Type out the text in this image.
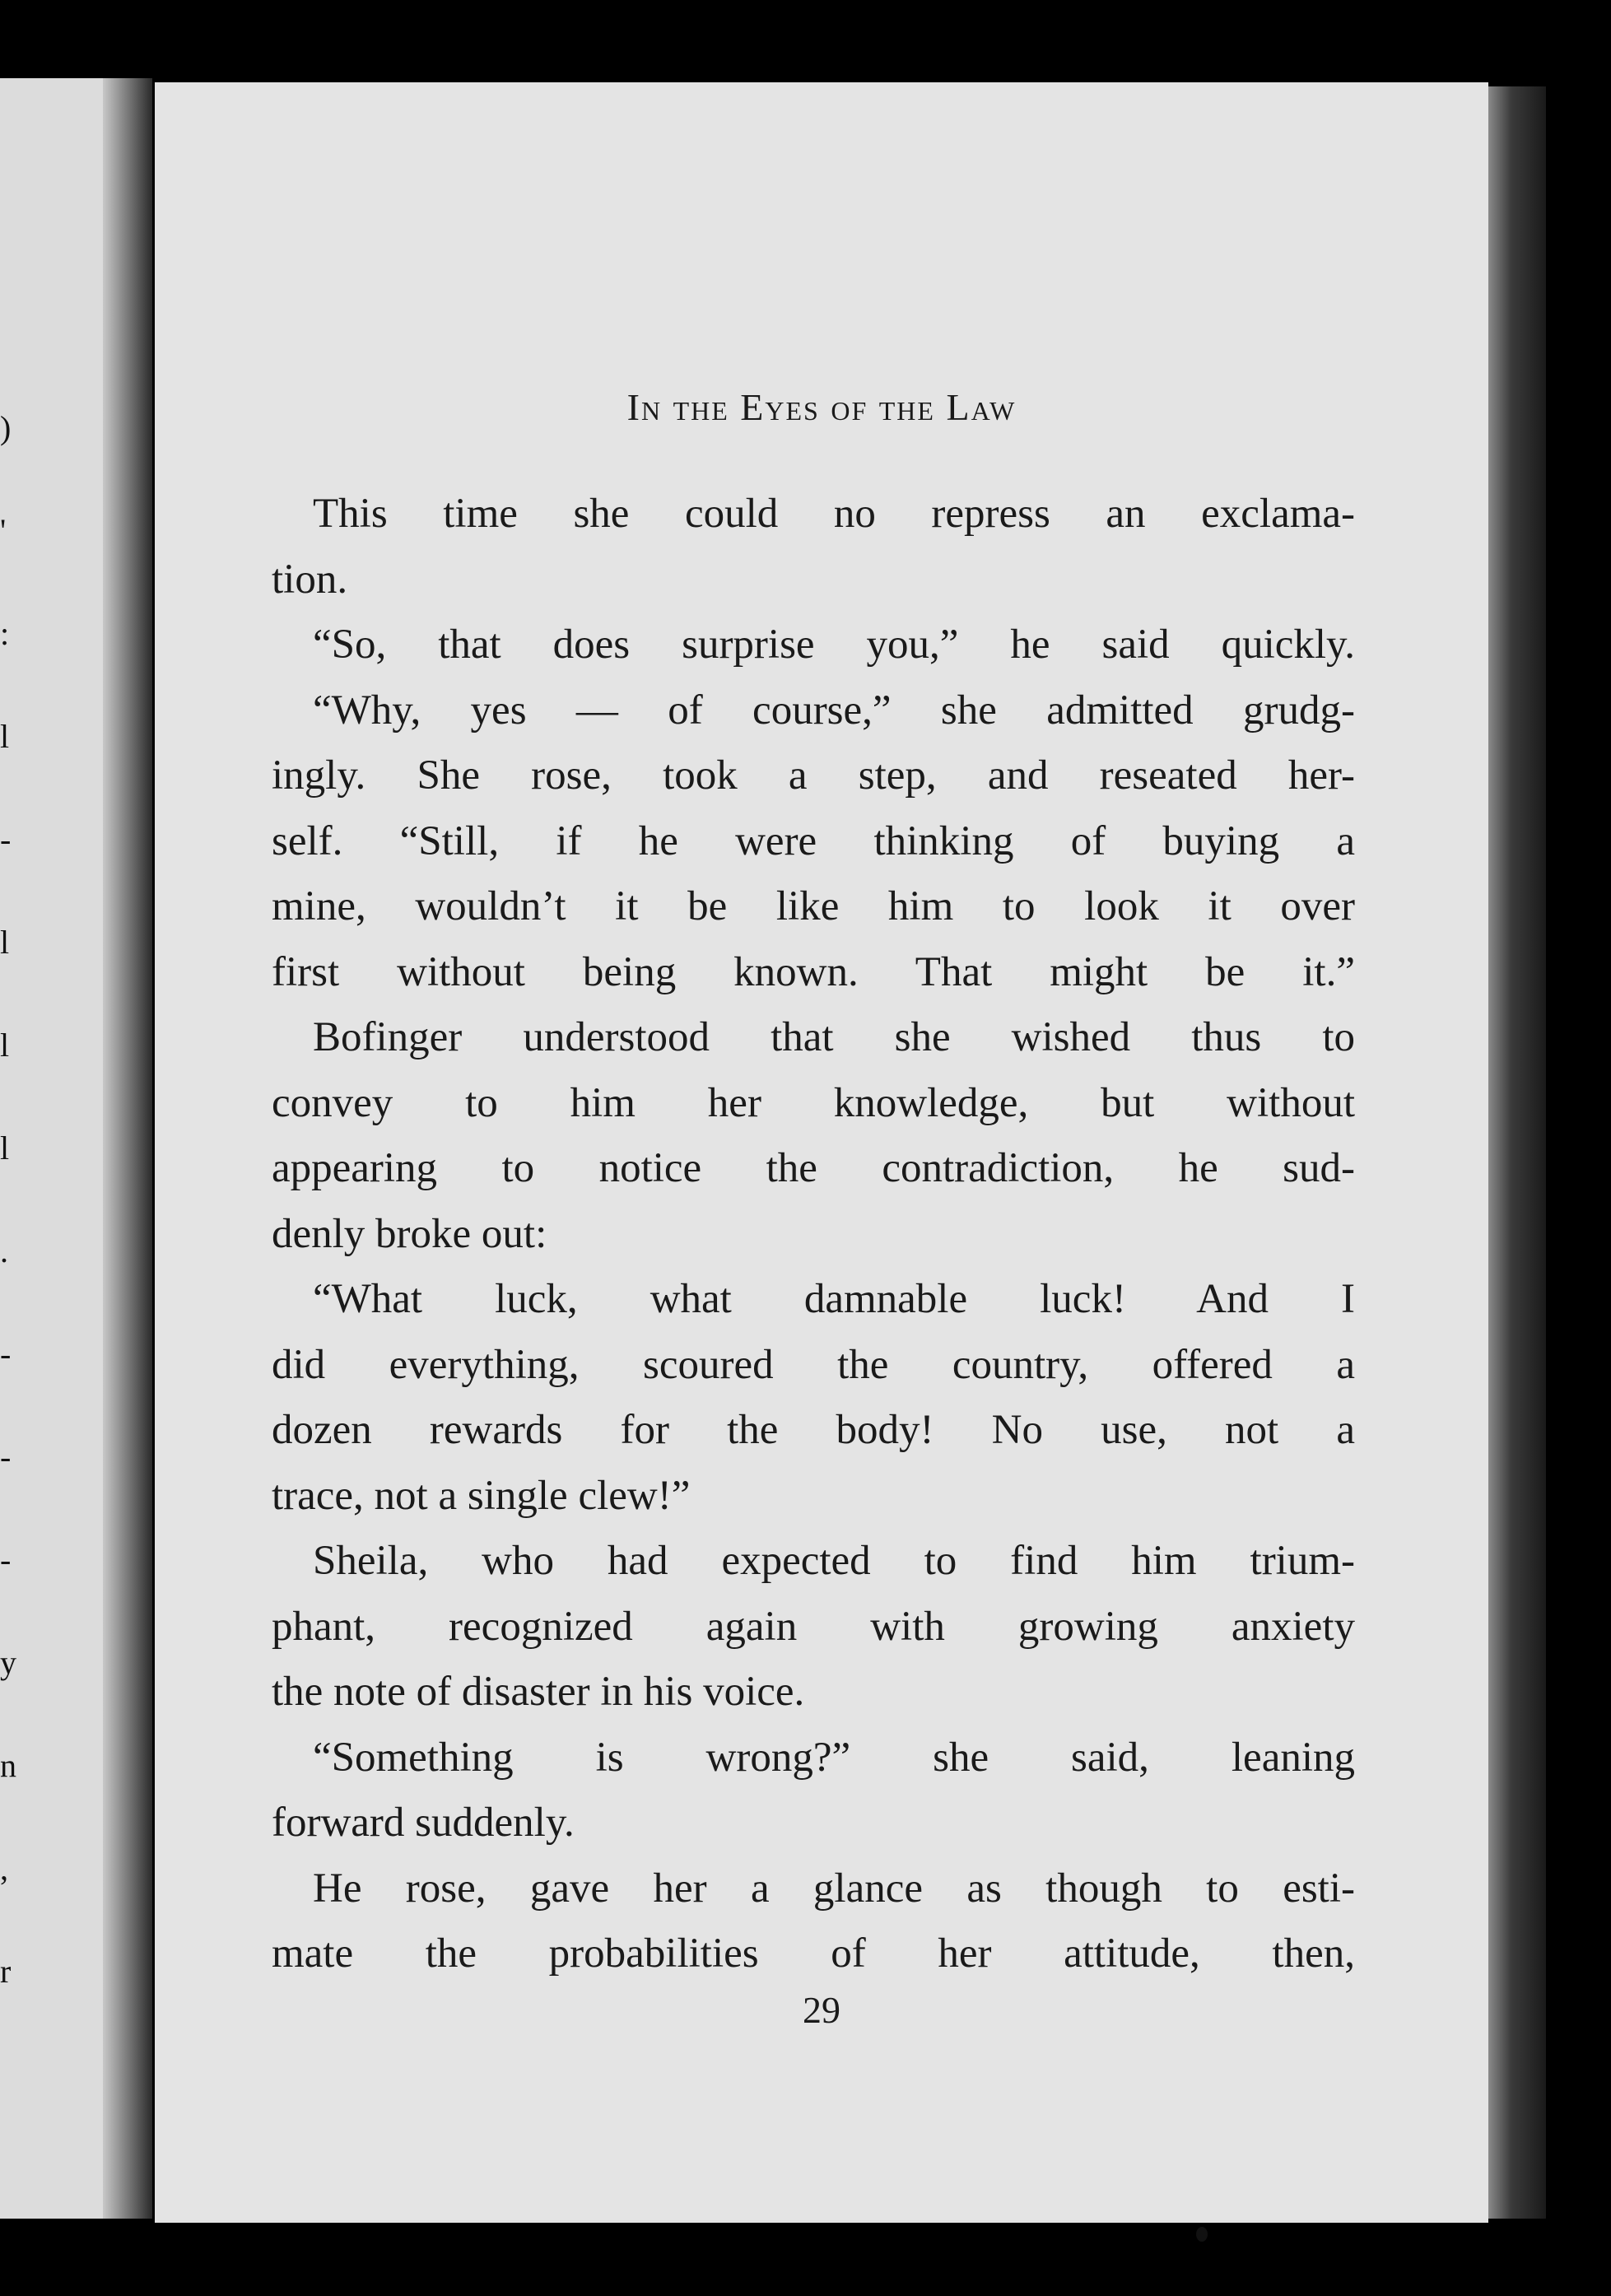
)
'
:
l
-
l
l
l
.
-
-
-
y
n
,
r
In the Eyes of the Law
This time she could no repress an exclama-
tion.
“So, that does surprise you,” he said quickly.
“Why, yes — of course,” she admitted grudg-
ingly. She rose, took a step, and reseated her-
self. “Still, if he were thinking of buying a
mine, wouldn’t it be like him to look it over
first without being known. That might be it.”
Bofinger understood that she wished thus to
convey to him her knowledge, but without
appearing to notice the contradiction, he sud-
denly broke out:
“What luck, what damnable luck! And I
did everything, scoured the country, offered a
dozen rewards for the body! No use, not a
trace, not a single clew!”
Sheila, who had expected to find him trium-
phant, recognized again with growing anxiety
the note of disaster in his voice.
“Something is wrong?” she said, leaning
forward suddenly.
He rose, gave her a glance as though to esti-
mate the probabilities of her attitude, then,
29
